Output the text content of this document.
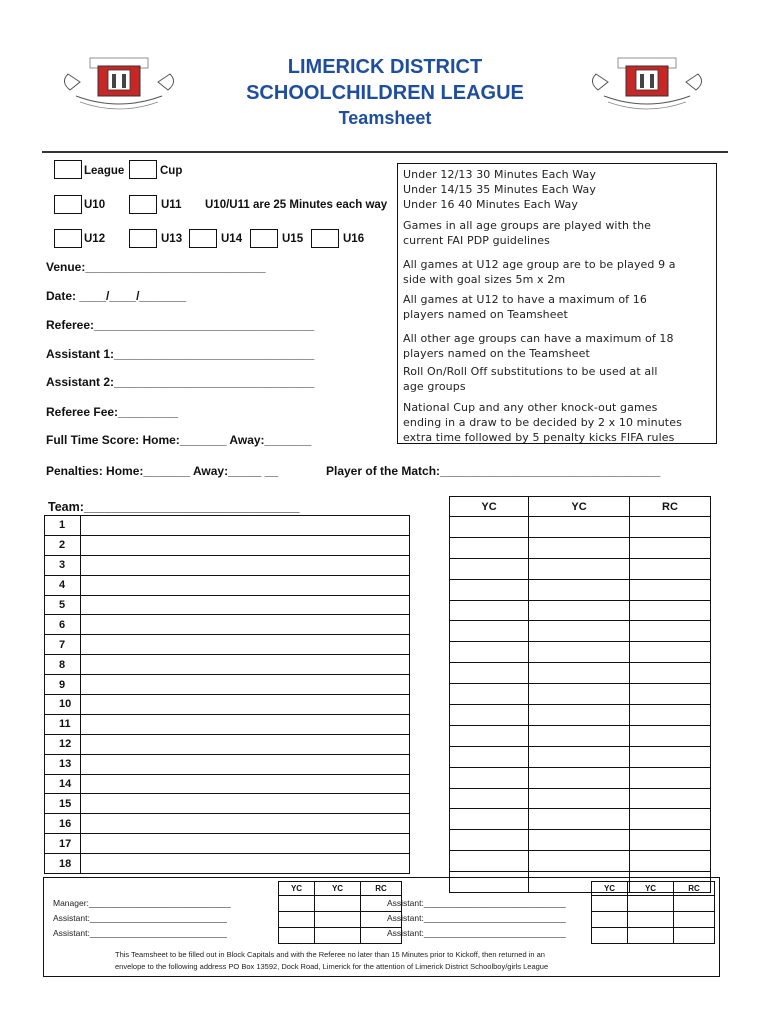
LIMERICK DISTRICT
SCHOOLCHILDREN LEAGUE
Teamsheet
League	Cup
U10	U11 U10/U11 are 25 Minutes each way
U12	U13	U14	U15	U16
Venue:___________________________
Date: ____/____/_______
Referee:_________________________________
Assistant 1:______________________________
Assistant 2:______________________________
Referee Fee:_________
Full Time Score: Home:_______ Away:_______
Penalties: Home:_______ Away:_____ __	Player of the Match:_________________________________
Under 12/13 30 Minutes Each Way
Under 14/15 35 Minutes Each Way
Under 16 40 Minutes Each Way
Games in all age groups are played with the
current FAI PDP guidelines
All games at U12 age group are to be played 9 a
side with goal sizes 5m x 2m
All games at U12 to have a maximum of 16
players named on Teamsheet
All other age groups can have a maximum of 18
players named on the Teamsheet
Roll On/Roll Off substitutions to be used at all
age groups
National Cup and any other knock-out games
ending in a draw to be decided by 2 x 10 minutes
extra time followed by 5 penalty kicks FIFA rules
Team:_______________________________
1	
2	
3	
4	
5	
6	
7	
8	
9	
10	
11	
12	
13	
14	
15	
16	
17	
18	
YC	YC	RC

YC	YC	RC

			YC	YC	RC

Manager:______________________________
Assistant:_____________________________
Assistant:_____________________________
Assistant:______________________________
Assistant:______________________________
Assistant:______________________________
This Teamsheet to be filled out in Block Capitals and with the Referee no later than 15 Minutes prior to Kickoff, then returned in an
envelope to the following address PO Box 13592, Dock Road, Limerick for the attention of Limerick District Schoolboy/girls League
